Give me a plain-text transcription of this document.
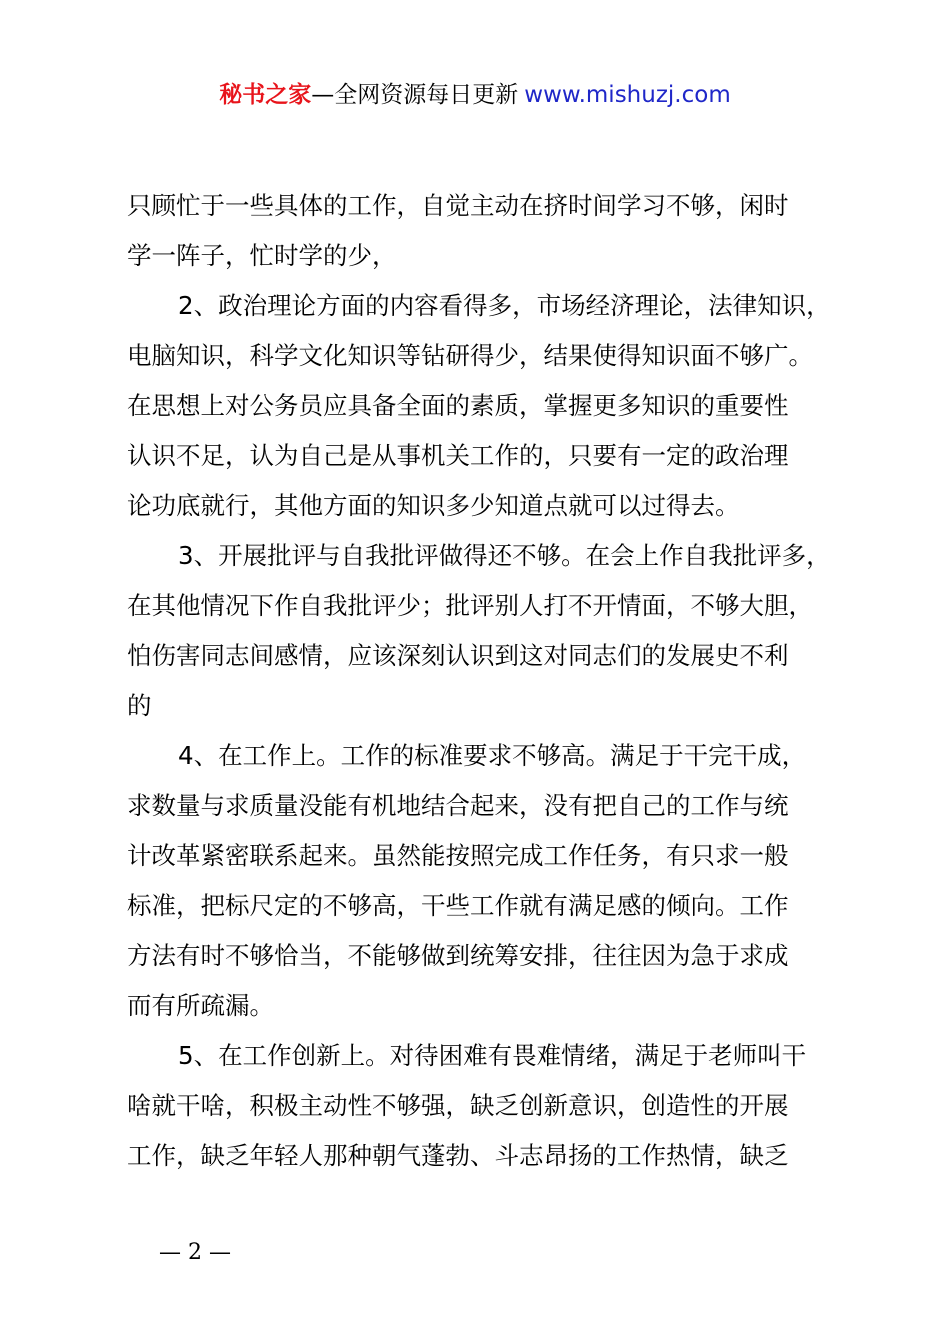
秘书之家—全网资源每日更新 www.mishuzj.com
只顾忙于一些具体的工作，自觉主动在挤时间学习不够，闲时
学一阵子，忙时学的少，
2、政治理论方面的内容看得多，市场经济理论，法律知识，
电脑知识，科学文化知识等钻研得少，结果使得知识面不够广。
在思想上对公务员应具备全面的素质，掌握更多知识的重要性
认识不足，认为自己是从事机关工作的，只要有一定的政治理
论功底就行，其他方面的知识多少知道点就可以过得去。
3、开展批评与自我批评做得还不够。在会上作自我批评多，
在其他情况下作自我批评少；批评别人打不开情面，不够大胆，
怕伤害同志间感情，应该深刻认识到这对同志们的发展史不利
的
4、在工作上。工作的标准要求不够高。满足于干完干成，
求数量与求质量没能有机地结合起来，没有把自己的工作与统
计改革紧密联系起来。虽然能按照完成工作任务，有只求一般
标准，把标尺定的不够高，干些工作就有满足感的倾向。工作
方法有时不够恰当，不能够做到统筹安排，往往因为急于求成
而有所疏漏。
5、在工作创新上。对待困难有畏难情绪，满足于老师叫干
啥就干啥，积极主动性不够强，缺乏创新意识，创造性的开展
工作，缺乏年轻人那种朝气蓬勃、斗志昂扬的工作热情，缺乏
— 2 —
